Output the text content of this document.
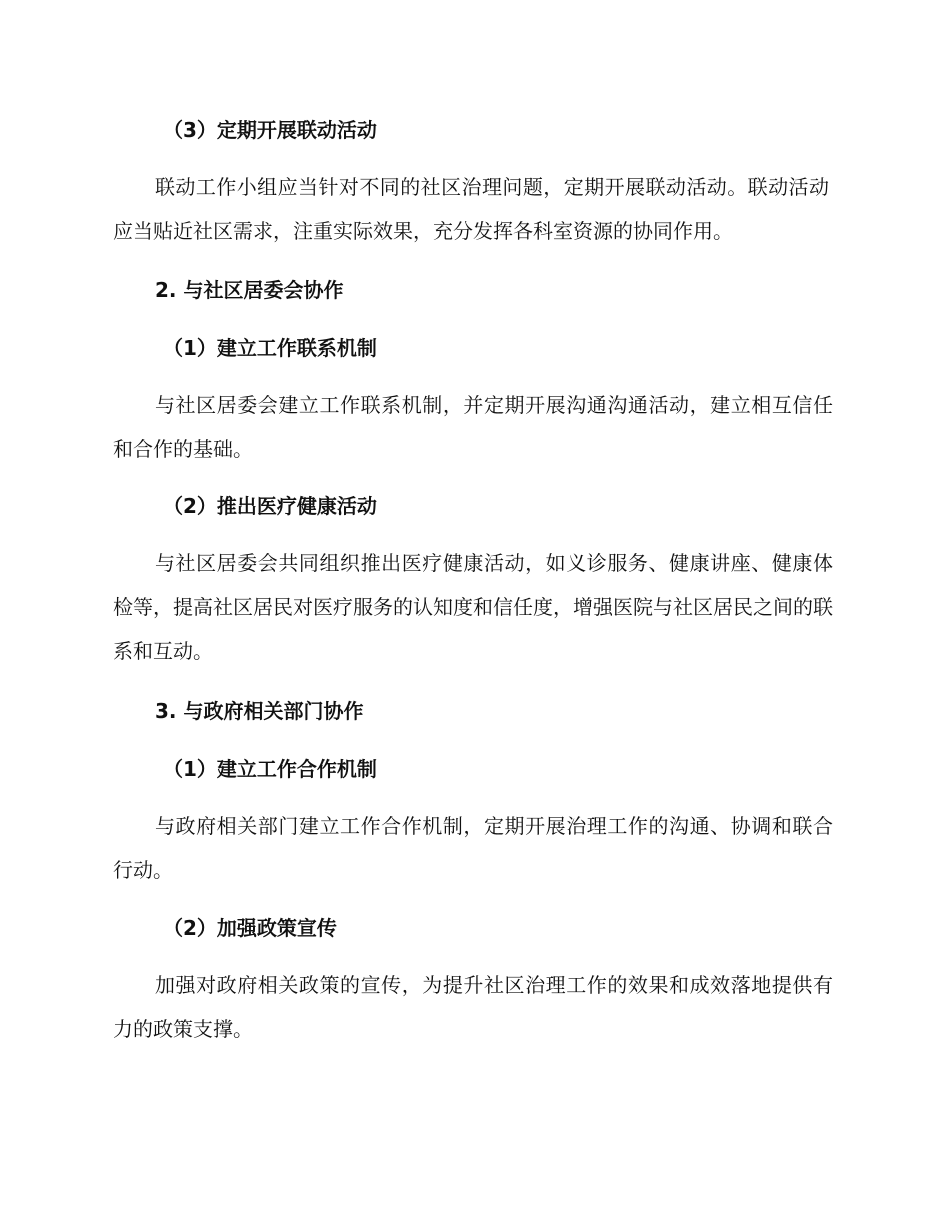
（3）定期开展联动活动

联动工作小组应当针对不同的社区治理问题，定期开展联动活动。联动活动应当贴近社区需求，注重实际效果，充分发挥各科室资源的协同作用。

2. 与社区居委会协作
（1）建立工作联系机制

与社区居委会建立工作联系机制，并定期开展沟通沟通活动，建立相互信任和合作的基础。

（2）推出医疗健康活动

与社区居委会共同组织推出医疗健康活动，如义诊服务、健康讲座、健康体检等，提高社区居民对医疗服务的认知度和信任度，增强医院与社区居民之间的联系和互动。

3. 与政府相关部门协作
（1）建立工作合作机制

与政府相关部门建立工作合作机制，定期开展治理工作的沟通、协调和联合行动。

（2）加强政策宣传

加强对政府相关政策的宣传，为提升社区治理工作的效果和成效落地提供有力的政策支撑。
